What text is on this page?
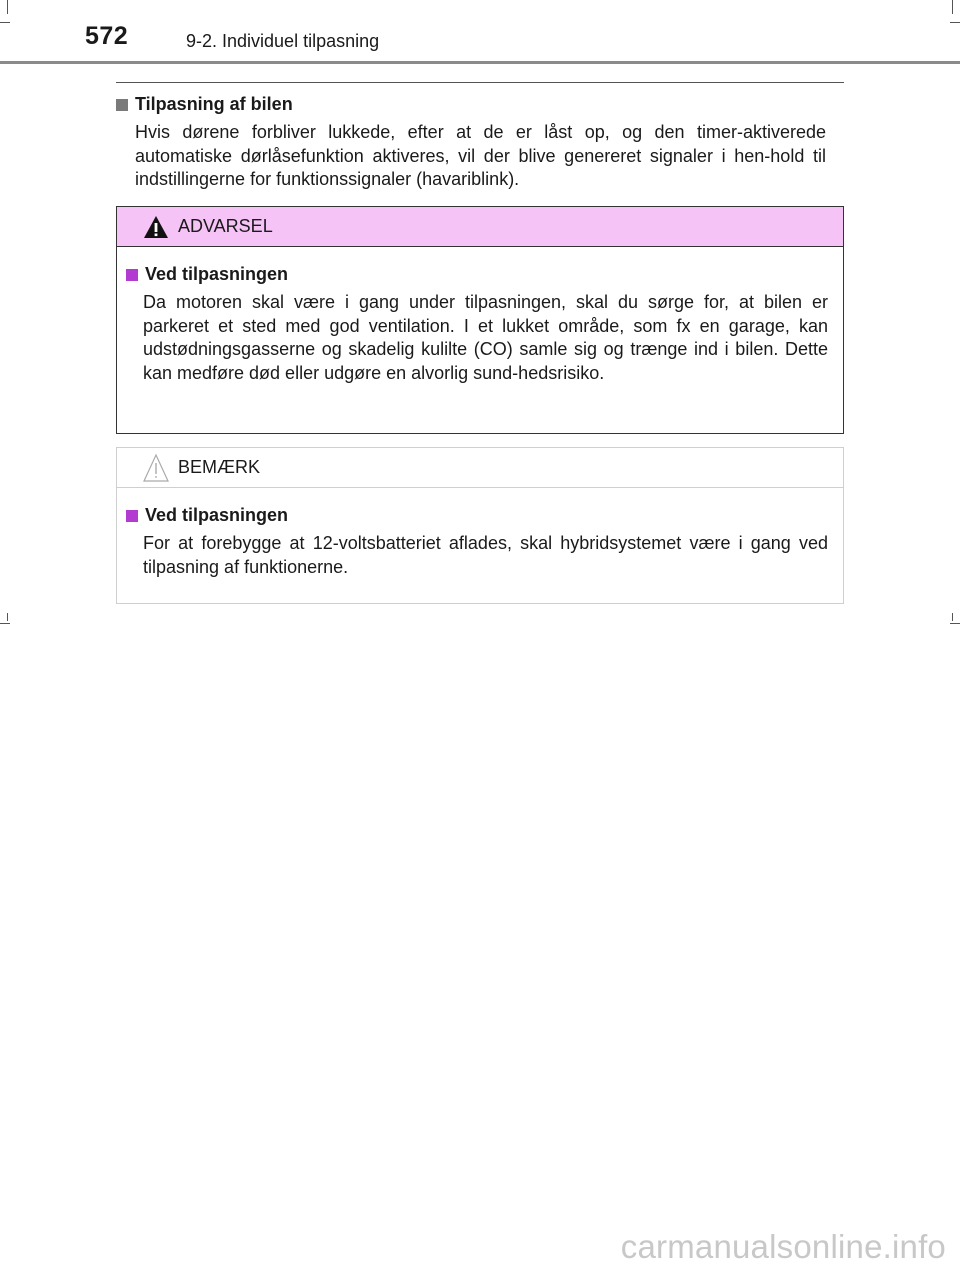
572	9-2. Individuel tilpasning
Tilpasning af bilen
Hvis dørene forbliver lukkede, efter at de er låst op, og den timer-aktiverede automatiske dørlåsefunktion aktiveres, vil der blive genereret signaler i hen-hold til indstillingerne for funktionssignaler (havariblink).
ADVARSEL
Ved tilpasningen
Da motoren skal være i gang under tilpasningen, skal du sørge for, at bilen er parkeret et sted med god ventilation. I et lukket område, som fx en garage, kan udstødningsgasserne og skadelig kulilte (CO) samle sig og trænge ind i bilen. Dette kan medføre død eller udgøre en alvorlig sund-hedsrisiko.
BEMÆRK
Ved tilpasningen
For at forebygge at 12-voltsbatteriet aflades, skal hybridsystemet være i gang ved tilpasning af funktionerne.
carmanualsonline.info
